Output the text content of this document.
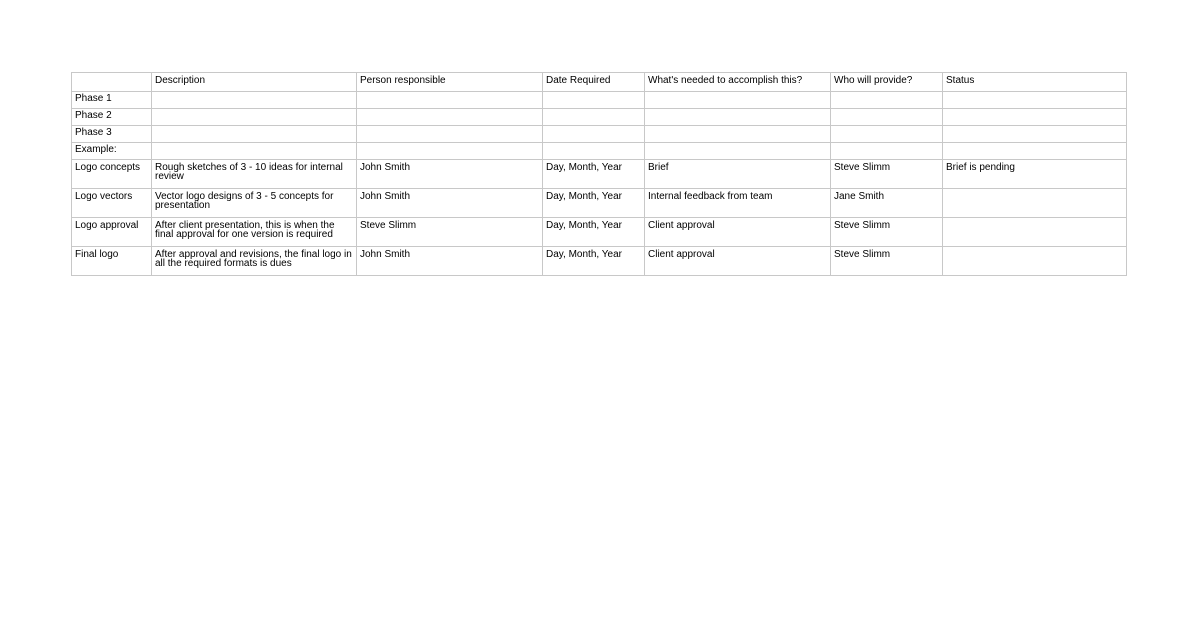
	Description	Person responsible	Date Required	What's needed to accomplish this?	Who will provide?	Status
Phase 1						
Phase 2						
Phase 3						
Example:						
Logo concepts	Rough sketches of 3 - 10 ideas for internal review	John Smith	Day, Month, Year	Brief	Steve Slimm	Brief is pending
Logo vectors	Vector logo designs of 3 - 5 concepts for presentation	John Smith	Day, Month, Year	Internal feedback from team	Jane Smith	
Logo approval	After client presentation, this is when the final approval for one version is required	Steve Slimm	Day, Month, Year	Client approval	Steve Slimm	
Final logo	After approval and revisions, the final logo in all the required formats is dues	John Smith	Day, Month, Year	Client approval	Steve Slimm	
